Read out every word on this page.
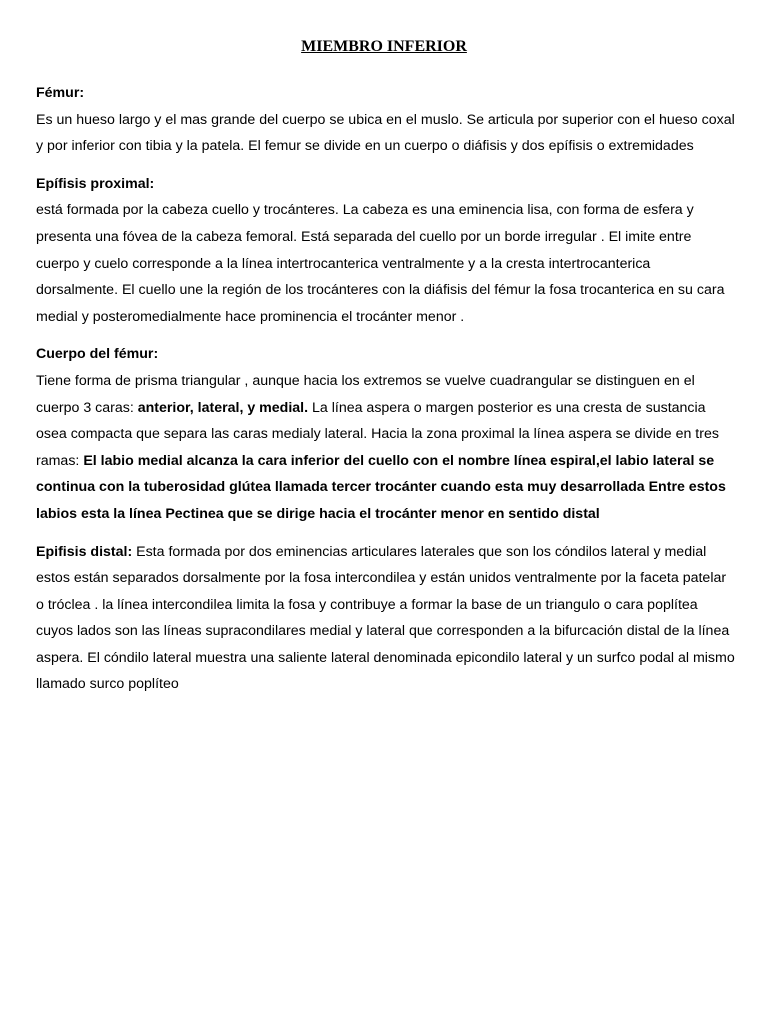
MIEMBRO INFERIOR
Fémur:

Es un hueso largo y el mas grande del cuerpo se ubica en el muslo. Se articula por superior con el hueso coxal y por inferior con tibia y la patela. El femur se divide en un cuerpo o diáfisis y dos epífisis o extremidades

Epífisis proximal:

está formada por la cabeza cuello y trocánteres. La cabeza es una eminencia lisa, con forma de esfera y presenta una fóvea de la cabeza femoral. Está separada del cuello por un borde irregular . El imite entre cuerpo y cuelo corresponde a la línea intertrocanterica ventralmente y a la cresta intertrocanterica dorsalmente. El cuello une la región de los trocánteres con la diáfisis del fémur la fosa trocanterica en su cara medial y posteromedialmente hace prominencia el trocánter menor .

Cuerpo del fémur:

Tiene forma de prisma triangular , aunque hacia los extremos se vuelve cuadrangular se distinguen en el cuerpo 3 caras: anterior, lateral, y medial. La línea aspera o margen posterior es una cresta de sustancia osea compacta que separa las caras medialy lateral. Hacia la zona proximal la línea aspera se divide en tres ramas: El labio medial alcanza la cara inferior del cuello con el nombre línea espiral,el labio lateral se continua con la tuberosidad glútea llamada tercer trocánter cuando esta muy desarrollada Entre estos labios esta la línea Pectinea que se dirige hacia el trocánter menor en sentido distal

Epifisis distal: Esta formada por dos eminencias articulares laterales que son los cóndilos lateral y medial estos están separados dorsalmente por la fosa intercondilea y están unidos ventralmente por la faceta patelar o tróclea . la línea intercondilea limita la fosa y contribuye a formar la base de un triangulo o cara poplítea cuyos lados son las líneas supracondilares medial y lateral que corresponden a la bifurcación distal de la línea aspera. El cóndilo lateral muestra una saliente lateral denominada epicondilo lateral y un surfco podal al mismo llamado surco poplíteo
